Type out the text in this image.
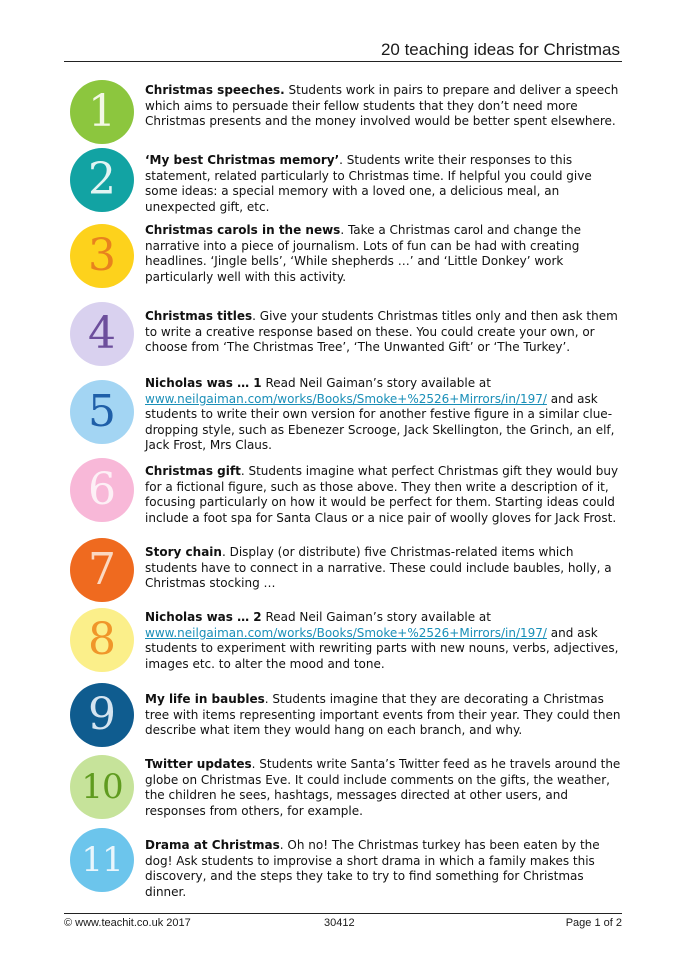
20 teaching ideas for Christmas
1 Christmas speeches. Students work in pairs to prepare and deliver a speech which aims to persuade their fellow students that they don’t need more Christmas presents and the money involved would be better spent elsewhere.
2 ‘My best Christmas memory’. Students write their responses to this statement, related particularly to Christmas time. If helpful you could give some ideas: a special memory with a loved one, a delicious meal, an unexpected gift, etc.
3 Christmas carols in the news. Take a Christmas carol and change the narrative into a piece of journalism. Lots of fun can be had with creating headlines. ‘Jingle bells’, ‘While shepherds …’ and ‘Little Donkey’ work particularly well with this activity.
4 Christmas titles. Give your students Christmas titles only and then ask them to write a creative response based on these. You could create your own, or choose from ‘The Christmas Tree’, ‘The Unwanted Gift’ or ‘The Turkey’.
5
Nicholas was … 1 Read Neil Gaiman’s story available at www.neilgaiman.com/works/Books/Smoke+%2526+Mirrors/in/197/ and ask students to write their own version for another festive figure in a similar clue-dropping style, such as Ebenezer Scrooge, Jack Skellington, the Grinch, an elf, Jack Frost, Mrs Claus.
6 Christmas gift. Students imagine what perfect Christmas gift they would buy for a fictional figure, such as those above. They then write a description of it, focusing particularly on how it would be perfect for them. Starting ideas could include a foot spa for Santa Claus or a nice pair of woolly gloves for Jack Frost.
7 Story chain. Display (or distribute) five Christmas-related items which students have to connect in a narrative. These could include baubles, holly, a Christmas stocking …
8 Nicholas was … 2 Read Neil Gaiman’s story available at www.neilgaiman.com/works/Books/Smoke+%2526+Mirrors/in/197/ and ask students to experiment with rewriting parts with new nouns, verbs, adjectives, images etc. to alter the mood and tone.
9 My life in baubles. Students imagine that they are decorating a Christmas tree with items representing important events from their year. They could then describe what item they would hang on each branch, and why.
10
Twitter updates. Students write Santa’s Twitter feed as he travels around the globe on Christmas Eve. It could include comments on the gifts, the weather, the children he sees, hashtags, messages directed at other users, and responses from others, for example.
11 Drama at Christmas. Oh no! The Christmas turkey has been eaten by the dog! Ask students to improvise a short drama in which a family makes this discovery, and the steps they take to try to find something for Christmas dinner.
© www.teachit.co.uk 2017	30412	Page 1 of 2
